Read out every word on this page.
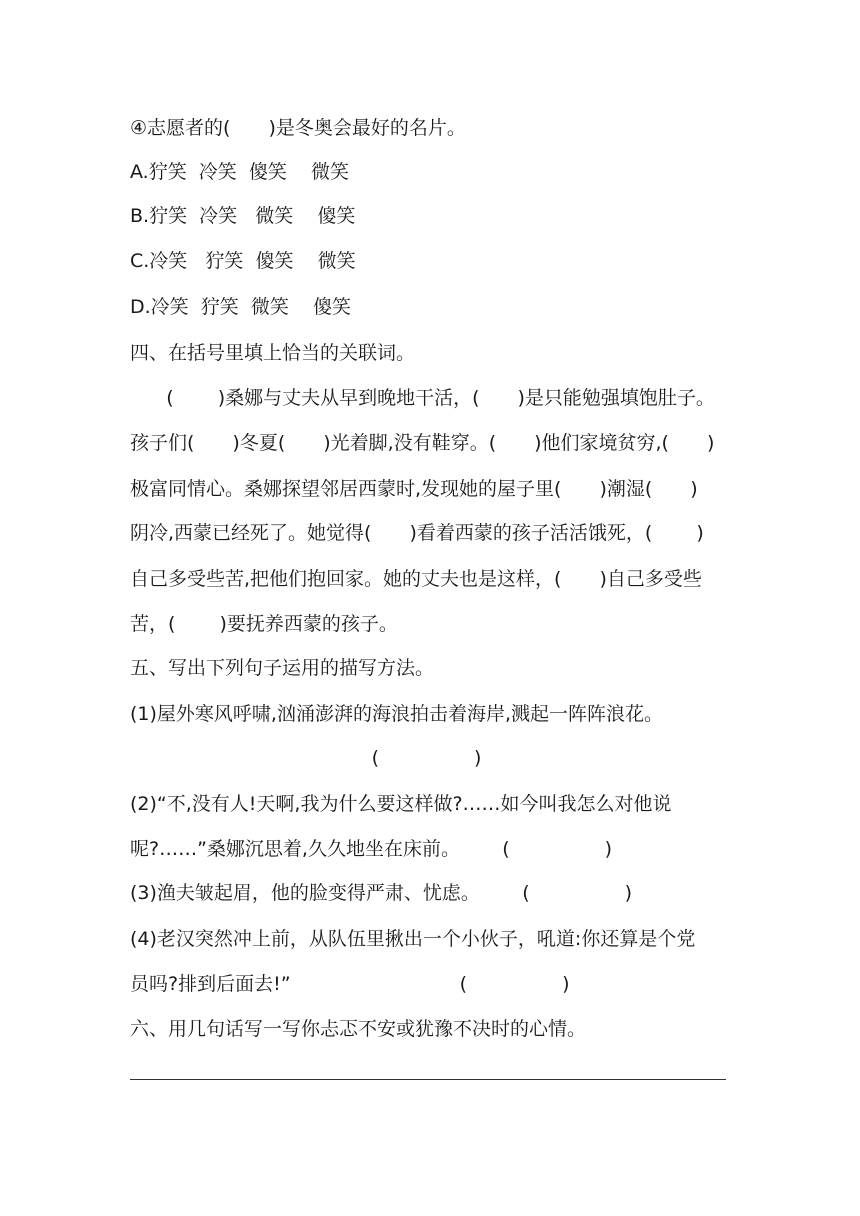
④志愿者的(　　)是冬奥会最好的名片。
A.狞笑  冷笑  傻笑    微笑
B.狞笑  冷笑   微笑    傻笑
C.冷笑   狞笑  傻笑    微笑
D.冷笑  狞笑  微笑    傻笑
四、在括号里填上恰当的关联词。
(　　 )桑娜与丈夫从早到晚地干活，(　　)是只能勉强填饱肚子。
孩子们(　　)冬夏(　　)光着脚,没有鞋穿。(　　)他们家境贫穷,(　　)
极富同情心。桑娜探望邻居西蒙时,发现她的屋子里(　　)潮湿(　　)
阴冷,西蒙已经死了。她觉得(　　)看着西蒙的孩子活活饿死，(　　 )
自己多受些苦,把他们抱回家。她的丈夫也是这样，(　　)自己多受些
苦，(　　 )要抚养西蒙的孩子。
五、写出下列句子运用的描写方法。
(1)屋外寒风呼啸,汹涌澎湃的海浪拍击着海岸,溅起一阵阵浪花。
(　　　　　)
(2)“不,没有人!天啊,我为什么要这样做?……如今叫我怎么对他说
呢?……”桑娜沉思着,久久地坐在床前。       (　　　　　)
(3)渔夫皱起眉，他的脸变得严肃、忧虑。       (　　　　　)
(4)老汉突然冲上前，从队伍里揪出一个小伙子，吼道:你还算是个党
员吗?排到后面去!”                            (　　　　　)
六、用几句话写一写你忐忑不安或犹豫不决时的心情。
